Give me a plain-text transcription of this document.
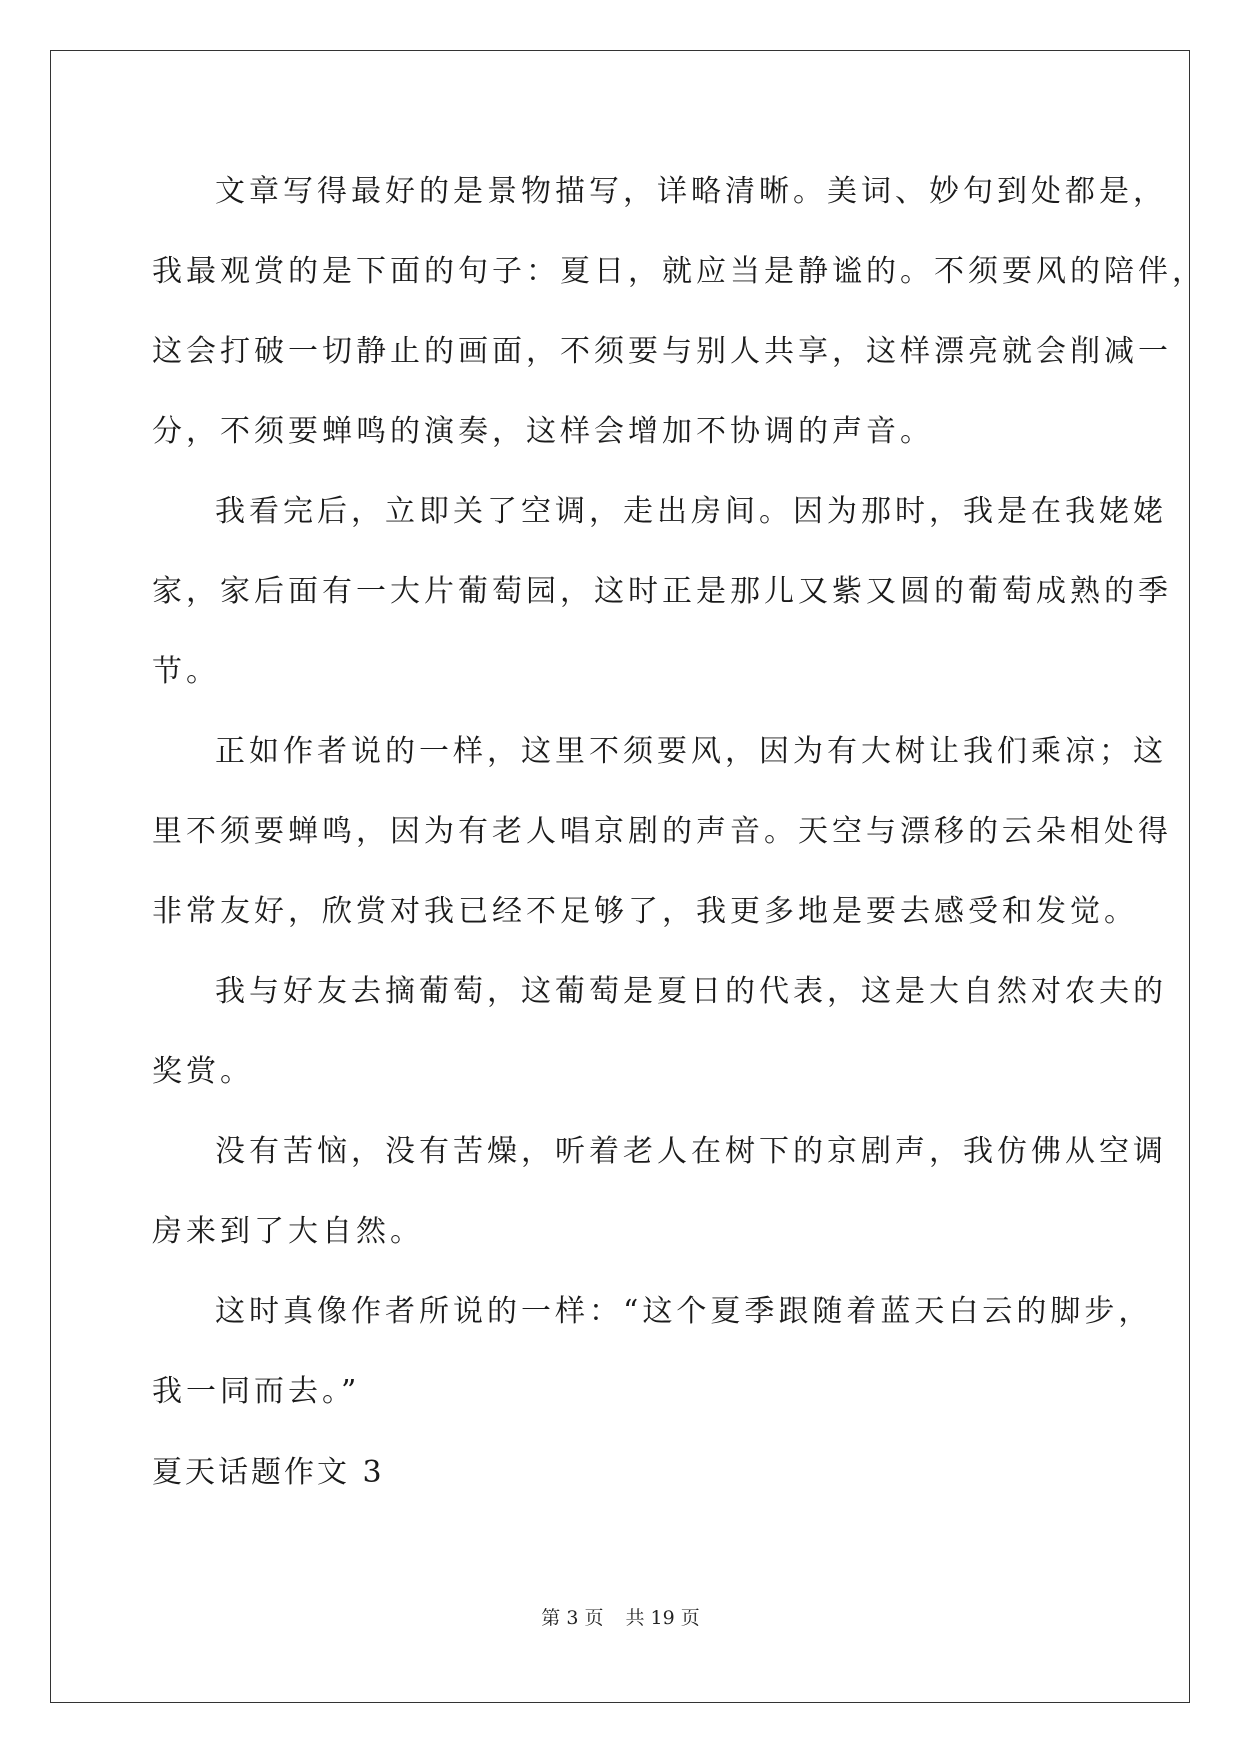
文章写得最好的是景物描写，详略清晰。美词、妙句到处都是，
我最观赏的是下面的句子：夏日，就应当是静谧的。不须要风的陪伴，
这会打破一切静止的画面，不须要与别人共享，这样漂亮就会削减一
分，不须要蝉鸣的演奏，这样会增加不协调的声音。
我看完后，立即关了空调，走出房间。因为那时，我是在我姥姥
家，家后面有一大片葡萄园，这时正是那儿又紫又圆的葡萄成熟的季
节。
正如作者说的一样，这里不须要风，因为有大树让我们乘凉；这
里不须要蝉鸣，因为有老人唱京剧的声音。天空与漂移的云朵相处得
非常友好，欣赏对我已经不足够了，我更多地是要去感受和发觉。
我与好友去摘葡萄，这葡萄是夏日的代表，这是大自然对农夫的
奖赏。
没有苦恼，没有苦燥，听着老人在树下的京剧声，我仿佛从空调
房来到了大自然。
这时真像作者所说的一样：“这个夏季跟随着蓝天白云的脚步，
我一同而去。”
夏天话题作文 3
第 3 页 共 19 页
